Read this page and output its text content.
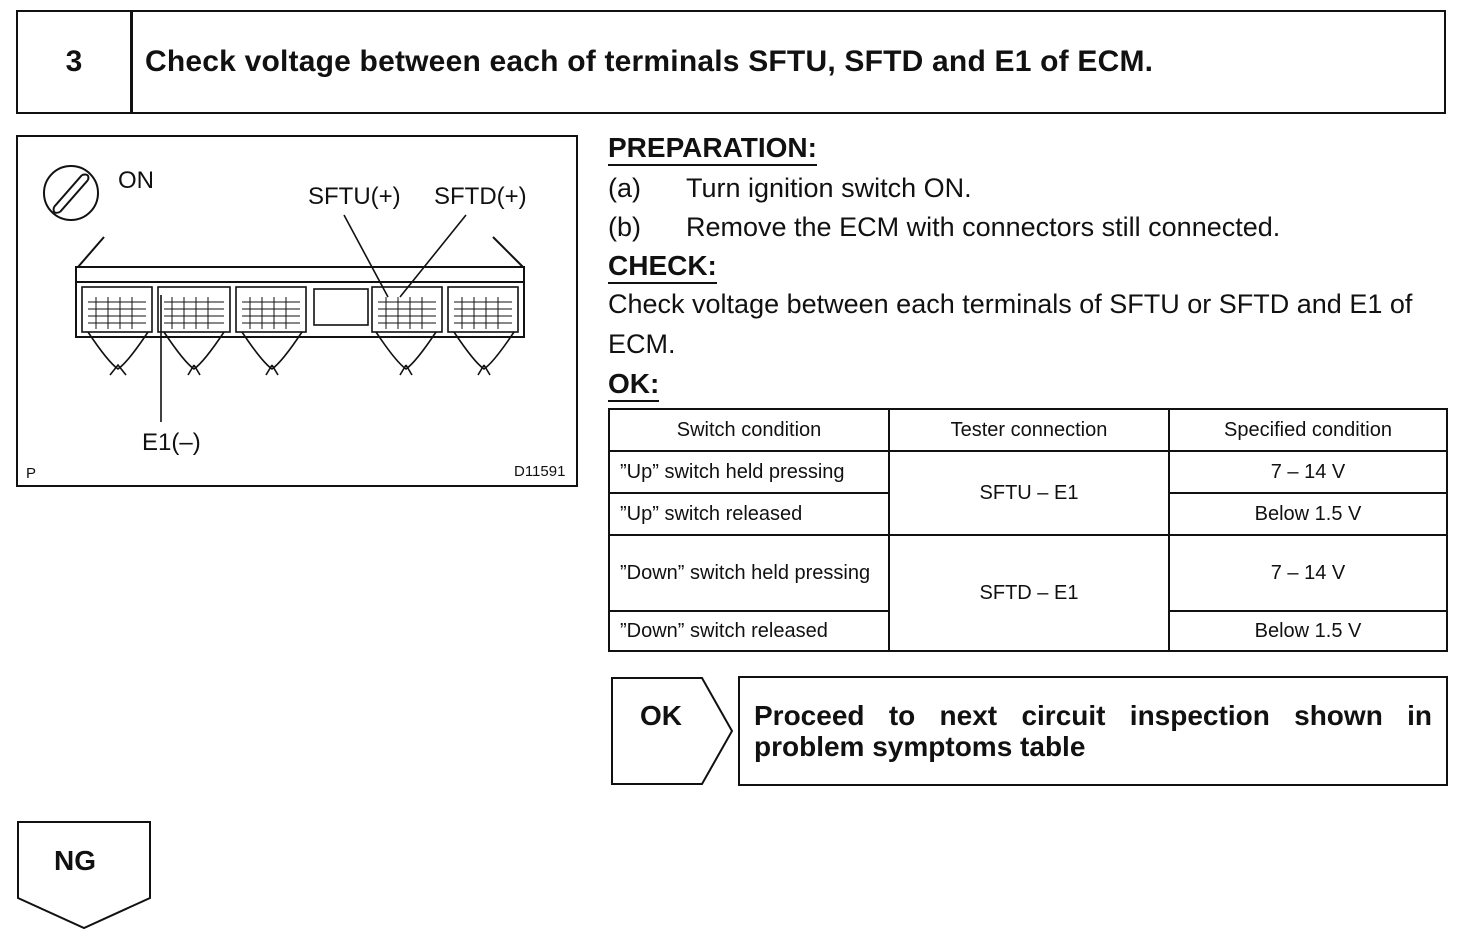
3	Check voltage between each of terminals SFTU, SFTD and E1 of ECM.
ON
SFTU(+) SFTD(+)
E1(–)
P	D11591
PREPARATION:
(a) Turn ignition switch ON.
(b) Remove the ECM with connectors still connected.
CHECK:
Check voltage between each terminals of SFTU or SFTD and E1 of ECM.
OK:
Switch condition	Tester connection	Specified condition
”Up” switch held pressing	SFTU – E1	7 – 14 V
”Up” switch released		Below 1.5 V
”Down” switch held pressing	SFTD – E1	7 – 14 V
”Down” switch released		Below 1.5 V
OK	Proceed to next circuit inspection shown in problem symptoms table
NG
